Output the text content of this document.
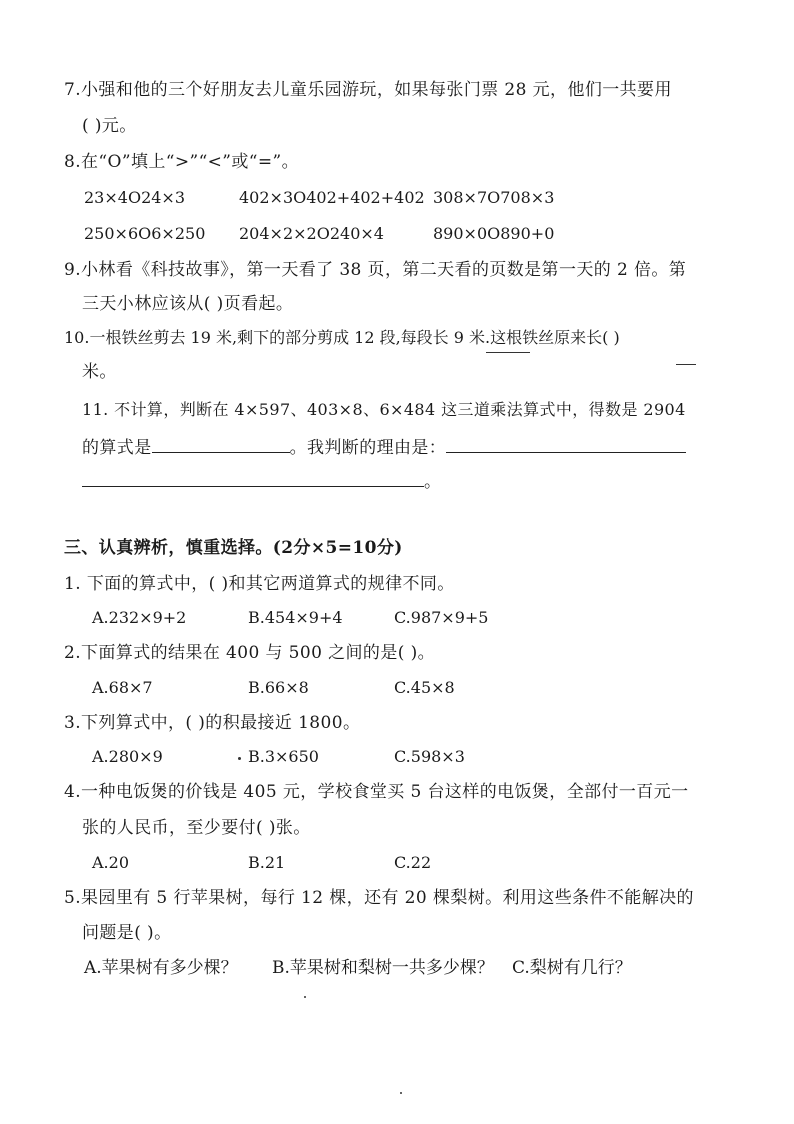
7.小强和他的三个好朋友去儿童乐园游玩，如果每张门票 28 元，他们一共要用
( )元。
8.在“O”填上“>”“<”或“=”。
23×4O24×3	402×3O402+402+402 308×7O708×3
250×6O6×250 204×2×2O240×4	890×0O890+0
9.小林看《科技故事》，第一天看了 38 页，第二天看的页数是第一天的 2 倍。第
三天小林应该从( )页看起。
10.一根铁丝剪去 19 米,剩下的部分剪成 12 段,每段长 9 米.这根铁丝原来长( )
米。
11. 不计算，判断在 4×597、403×8、6×484 这三道乘法算式中，得数是 2904
的算式是	。我判断的理由是：
。
三、认真辨析，慎重选择。(2分×5=10分)
1. 下面的算式中，( )和其它两道算式的规律不同。
A.232×9+2	B.454×9+4	C.987×9+5
2.下面算式的结果在 400 与 500 之间的是( )。
A.68×7	B.66×8	C.45×8
3.下列算式中，( )的积最接近 1800。
A.280×9	B.3×650	C.598×3
4.一种电饭煲的价钱是 405 元，学校食堂买 5 台这样的电饭煲，全部付一百元一
张的人民币，至少要付( )张。
A.20	B.21	C.22
5.果园里有 5 行苹果树，每行 12 棵，还有 20 棵梨树。利用这些条件不能解决的
问题是( )。
A.苹果树有多少棵？ B.苹果树和梨树一共多少棵？ C.梨树有几行？
